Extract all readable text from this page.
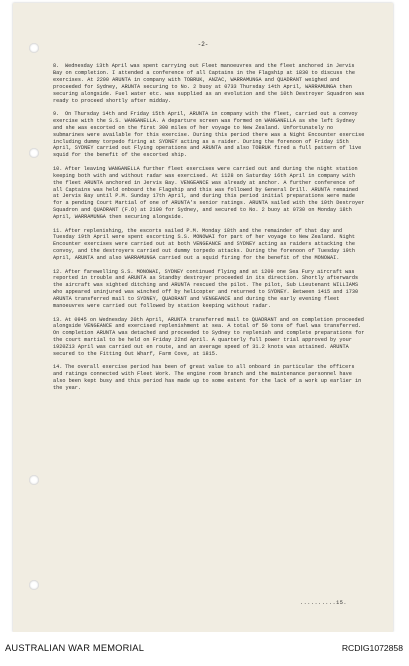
-2-

8. Wednesday 13th April was spent carrying out Fleet manoeuvres and the fleet anchored in Jervis Bay on completion. I attended a conference of all Captains in the Flagship at 1830 to discuss the exercises. At 2200 ARUNTA in company with TOBRUK, ANZAC, WARRAMUNGA and QUADRANT weighed and proceeded for Sydney, ARUNTA securing to No. 2 buoy at 0733 Thursday 14th April, WARRAMUNGA then securing alongside. Fuel water etc. was supplied as an evolution and the 10th Destroyer Squadron was ready to proceed shortly after midday.

9. On Thursday 14th and Friday 15th April, ARUNTA in company with the fleet, carried out a convoy exercise with the S.S. WANGANELLA. A departure screen was formed on WANGANELLA as she left Sydney and she was escorted on the first 300 miles of her voyage to New Zealand. Unfortunately no submarines were available for this exercise. During this period there was a Night Encounter exercise including dummy torpedo firing at SYDNEY acting as a raider. During the forenoon of Friday 15th April, SYDNEY carried out Flying operations and ARUNTA and also TOBRUK fired a full pattern of live squid for the benefit of the escorted ship.

10. After leaving WANGANELLA further fleet exercises were carried out and during the night station keeping both with and without radar was exercised. At 1128 on Saturday 16th April in company with the fleet ARUNTA anchored in Jervis Bay. VENGEANCE was already at anchor. A further conference of all Captains was held onboard the Flagship and this was followed by General Drill. ARUNTA remained at Jervis Bay until P.M. Sunday 17th April, and during this period initial preparations were made for a pending Court Martial of one of ARUNTA's senior ratings. ARUNTA sailed with the 10th Destroyer Squadron and QUADRANT (F.O) at 2100 for Sydney, and secured to No. 2 buoy at 0730 on Monday 18th April, WARRAMUNGA then securing alongside.

11. After replenishing, the escorts sailed P.M. Monday 18th and the remainder of that day and Tuesday 19th April were spent escorting S.S. MONOWAI for part of her voyage to New Zealand. Night Encounter exercises were carried out at both VENGEANCE and SYDNEY acting as raiders attacking the convoy, and the destroyers carried out dummy torpedo attacks. During the forenoon of Tuesday 19th April, ARUNTA and also WARRAMUNGA carried out a squid firing for the benefit of the MONOWAI.

12. After farewelling S.S. MONOWAI, SYDNEY continued flying and at 1209 one Sea Fury aircraft was reported in trouble and ARUNTA as Standby destroyer proceeded in its direction. Shortly afterwards the aircraft was sighted ditching and ARUNTA rescued the pilot. The pilot, Sub Lieutenant WILLIAMS who appeared uninjured was winched off by helicopter and returned to SYDNEY. Between 1415 and 1730 ARUNTA transferred mail to SYDNEY, QUADRANT and VENGEANCE and during the early evening fleet manoeuvres were carried out followed by station keeping without radar.

13. At 0945 on Wednesday 20th April, ARUNTA transferred mail to QUADRANT and on completion proceeded alongside VENGEANCE and exercised replenishment at sea. A total of 50 tons of fuel was transferred. On completion ARUNTA was detached and proceeded to Sydney to replenish and complete preparations for the court martial to be held on Friday 22nd April. A quarterly full power trial approved by your 1920Z13 April was carried out en route, and an average speed of 31.2 knots was attained. ARUNTA secured to the Fitting Out Wharf, Farm Cove, at 1815.

14. The overall exercise period has been of great value to all onboard in particular the officers and ratings connected with Fleet Work. The engine room branch and the maintenance personnel have also been kept busy and this period has made up to some extent for the lack of a work up earlier in the year.

..........15.
AUSTRALIAN WAR MEMORIAL	RCDIG1072858
